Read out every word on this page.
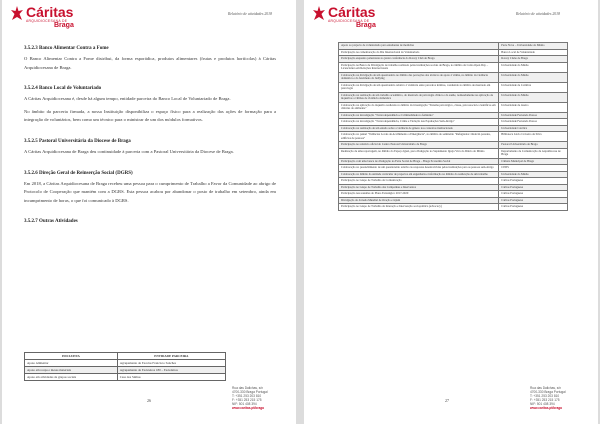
Cáritas
ARQUIDIOCESANA DE
Braga
Relatório de atividades 2018
3.5.2.3 Banco Alimentar Contra a Fome

O Banco Alimentar Contra a Fome distribui, da forma esporádica, produtos alimentares (frutas e produtos hortícolas) à Cáritas Arquidiocesana de Braga.

3.5.2.4 Banco Local de Voluntariado

A Cáritas Arquidiocesana é, desde há algum tempo, entidade parceira do Banco Local de Voluntariado de Braga.

No âmbito da parceria firmada, a nossa Instituição disponibiliza o espaço físico para a realização das ações de formação para a integração de voluntários, bem como um técnico para o ministrar de um dos módulos formativos.

3.5.2.5 Pastoral Universitária da Diocese de Braga

A Cáritas Arquidiocesana de Braga deu continuidade à parceria com a Pastoral Universitária da Diocese de Braga.

3.5.2.6 Direção Geral de Reinserção Social (DGRS)

Em 2018, a Cáritas Arquidiocesana de Braga recebeu uma pessoa para o cumprimento de Trabalho a Favor da Comunidade ao abrigo de Protocolo de Cooperação que mantém com a DGRS. Esta pessoa acabou por abandonar o posto de trabalho em setembro, ainda em incumprimento de horas, o que foi comunicado à DGRS.

3.5.2.7 Outras Atividades
INICIATIVA	ENTIDADE PARCEIRA
Apoio Alimentar	Agrupamento de Escolas Francisco Sanches
Apoio em roupa e mesas materiais	Agrupamento de Escuteiros 180 – Escudeiros
Apoio em atividades de grupos sociais	Casa dos Sinhos
26
Cáritas
ARQUIDIOCESANA DE
Braga
Relatório de atividades 2018
Apoio ao projecto de voluntariado para estudantes de medicina	Parte Nova – Universidade do Minho
Participação na comemoração do Dia Internacional do Voluntariado	Banco Local de Voluntariado
Participação enquanto palestrante no jantar conferência do Rotary Club de Braga	Rotary Clube de Braga
Participação na Banca de Divulgação de trabalho realizado pelas instituições sociais de Braga, no âmbito da Caixa Open Day – Licenciatura em Relações Internacionais	Universidade do Minho
Colaboração na divulgação de um questionário no âmbito das perceções dos técnicos de apoio à vítima, no âmbito da violência doméstica e do fenómeno do bullying	Universidade do Minho
Colaboração na divulgação de um questionário relativo à violência entre parceiros íntimos, conduzido no âmbito de mestrado em psicologia	Universidade de Coimbra
Colaboração na realização de um trabalho académico, do mestrado de psicologia clínica e da saúde, nomeadamente na aplicação de inquéritos a vítimas de violência doméstica	Universidade do Minho
Colaboração na aplicação do inquérito realizado no âmbito da investigação "Sistema psicológico, classe, psicossocial e científicos em ciências do ambiente"	Universidade de Aveiro
Colaboração na investigação "Toxicodependência e Criminalidade no feminino"	Universidade Fernando Pessoa
Colaboração na investigação "Toxicodependência, Crime e Violação nas Populações Sem-Abrigo"	Universidade Fernando Pessoa
Colaboração na realização de um estudo sobre a violência de género nos contextos institucionais	Universidade Católica
Colaboração no painel "Valências Locais de Acolhimento a Emergência", no âmbito do seminário "Refugiados: Onde há paredes, edifícios de pessoas"	Biblioteca Lúcio Craveiro da Silva
Participação no relatório oficial do Centro Pastoral Universitário de Braga	Pastoral Universitária de Braga
Realização de uma reportagem, no âmbito do Espaço Igual, para divulgação no Suplemento Igreja Viva do Diário do Minho	Departamento de Comunicação da Arquidiocese de Braga
Participação com uma banca de divulgação na Feira Social de Braga – Braga Economia Social	Câmara Municipal de Braga
Colaboração no preenchimento de um questionário relativo às respostas desenvolvidas pelas instituições para as pessoas sem-abrigo	CINIS
Colaboração no âmbito da unidade curricular de projectos em engenharia e informação no âmbito da realização de um trabalho	Universidade do Minho
Participação no Grupo de Trabalho da Comunicação	Cáritas Portuguesa
Participação no Grupo de Trabalho das Campanhas e Interventos	Cáritas Portuguesa
Participação nas reuniões do Plano Estratégico 2017-2020	Cáritas Portuguesa
Divulgação da Jornada Mundial de Oração e Jejum	Cáritas Portuguesa
Participação no Grupo de Trabalho da Interação e Intervenção sociopolítica (advocacy)	Cáritas Portuguesa
27
Rua das Dalichas, s/n
4700-330 Braga Portugal
T: +351 253 203 810
F: +351 253 215 175
NIF: 501 408 394
www.caritas.pt/braga
Rua das Dalichas, s/n
4700-330 Braga Portugal
T: +351 253 203 810
F: +351 253 215 175
NIF: 501 408 394
www.caritas.pt/braga
